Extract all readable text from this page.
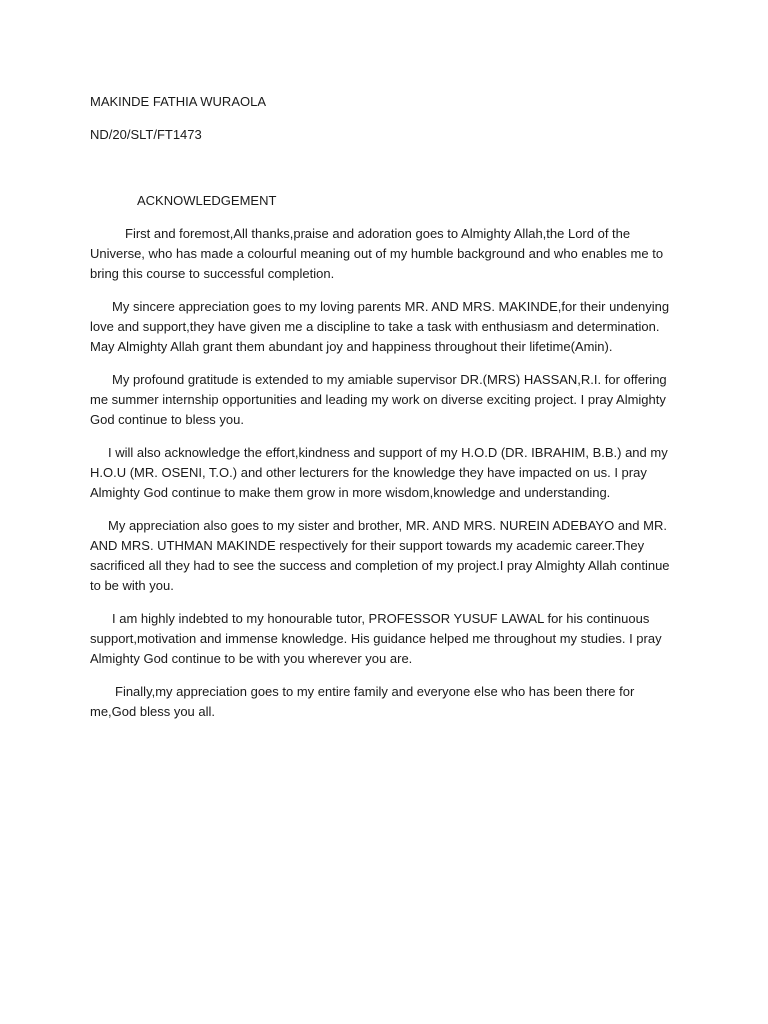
MAKINDE FATHIA WURAOLA

ND/20/SLT/FT1473

ACKNOWLEDGEMENT

First and foremost,All thanks,praise and adoration goes to Almighty Allah,the Lord of the Universe, who has made a colourful meaning out of my humble background and who enables me to bring this course to successful completion.

My sincere appreciation goes to my loving parents MR. AND MRS. MAKINDE,for their undenying love and support,they have given me a discipline to take a task with enthusiasm and determination. May Almighty Allah grant them abundant joy and happiness throughout their lifetime(Amin).

My profound gratitude is extended to my amiable supervisor DR.(MRS) HASSAN,R.I. for offering me summer internship opportunities and leading my work on diverse exciting project. I pray Almighty God continue to bless you.

I will also acknowledge the effort,kindness and support of my H.O.D (DR. IBRAHIM, B.B.) and my H.O.U (MR. OSENI, T.O.) and other lecturers for the knowledge they have impacted on us. I pray Almighty God continue to make them grow in more wisdom,knowledge and understanding.

My appreciation also goes to my sister and brother, MR. AND MRS. NUREIN ADEBAYO and MR. AND MRS. UTHMAN MAKINDE respectively for their support towards my academic career.They sacrificed all they had to see the success and completion of my project.I pray Almighty Allah continue to be with you.

I am highly indebted to my honourable tutor, PROFESSOR YUSUF LAWAL for his continuous support,motivation and immense knowledge. His guidance helped me throughout my studies. I pray Almighty God continue to be with you wherever you are.

Finally,my appreciation goes to my entire family and everyone else who has been there for me,God bless you all.
